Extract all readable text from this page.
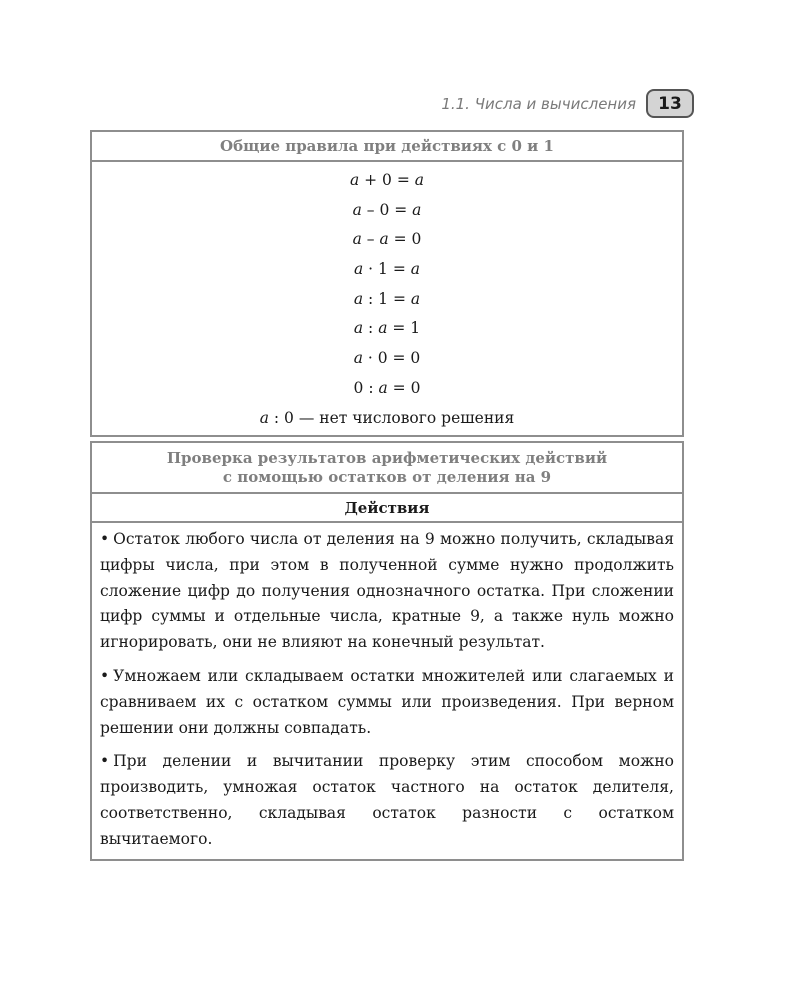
1.1. Числа и вычисления	13
Общие правила при действиях с 0 и 1
a + 0 = a
a – 0 = a
a – a = 0
a · 1 = a
a : 1 = a
a : a = 1
a · 0 = 0
0 : a = 0
a : 0 — нет числового решения
Проверка результатов арифметических действий
с помощью остатков от деления на 9
Действия

• Остаток любого числа от деления на 9 можно получить, складывая цифры числа, при этом в полученной сумме нужно продолжить сложение цифр до получения однозначного остатка. При сложении цифр суммы и отдельные числа, кратные 9, а также нуль можно игнорировать, они не влияют на конечный результат.

• Умножаем или складываем остатки множителей или слагаемых и сравниваем их с остатком суммы или произведения. При верном решении они должны совпадать.

• При делении и вычитании проверку этим способом можно производить, умножая остаток частного на остаток делителя, соответственно, складывая остаток разности с остатком вычитаемого.
